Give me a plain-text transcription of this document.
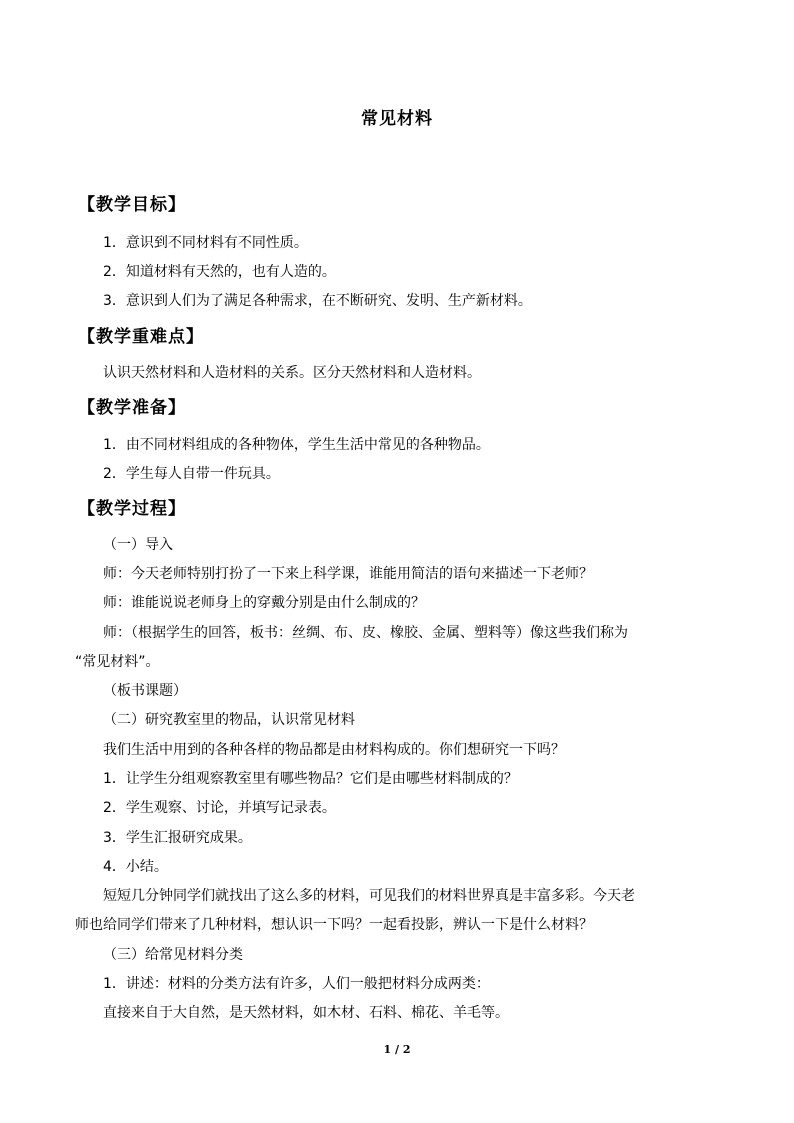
常见材料
【教学目标】
1．意识到不同材料有不同性质。
2．知道材料有天然的，也有人造的。
3．意识到人们为了满足各种需求，在不断研究、发明、生产新材料。
【教学重难点】
认识天然材料和人造材料的关系。区分天然材料和人造材料。
【教学准备】
1．由不同材料组成的各种物体，学生生活中常见的各种物品。
2．学生每人自带一件玩具。
【教学过程】
（一）导入
师：今天老师特别打扮了一下来上科学课，谁能用简洁的语句来描述一下老师？
师：谁能说说老师身上的穿戴分别是由什么制成的？
师：（根据学生的回答，板书：丝绸、布、皮、橡胶、金属、塑料等）像这些我们称为
“常见材料”。
（板书课题）
（二）研究教室里的物品，认识常见材料
我们生活中用到的各种各样的物品都是由材料构成的。你们想研究一下吗？
1．让学生分组观察教室里有哪些物品？它们是由哪些材料制成的？
2．学生观察、讨论，并填写记录表。
3．学生汇报研究成果。
4．小结。
短短几分钟同学们就找出了这么多的材料，可见我们的材料世界真是丰富多彩。今天老
师也给同学们带来了几种材料，想认识一下吗？一起看投影，辨认一下是什么材料？
（三）给常见材料分类
1．讲述：材料的分类方法有许多，人们一般把材料分成两类：
直接来自于大自然，是天然材料，如木材、石料、棉花、羊毛等。
1 / 2
